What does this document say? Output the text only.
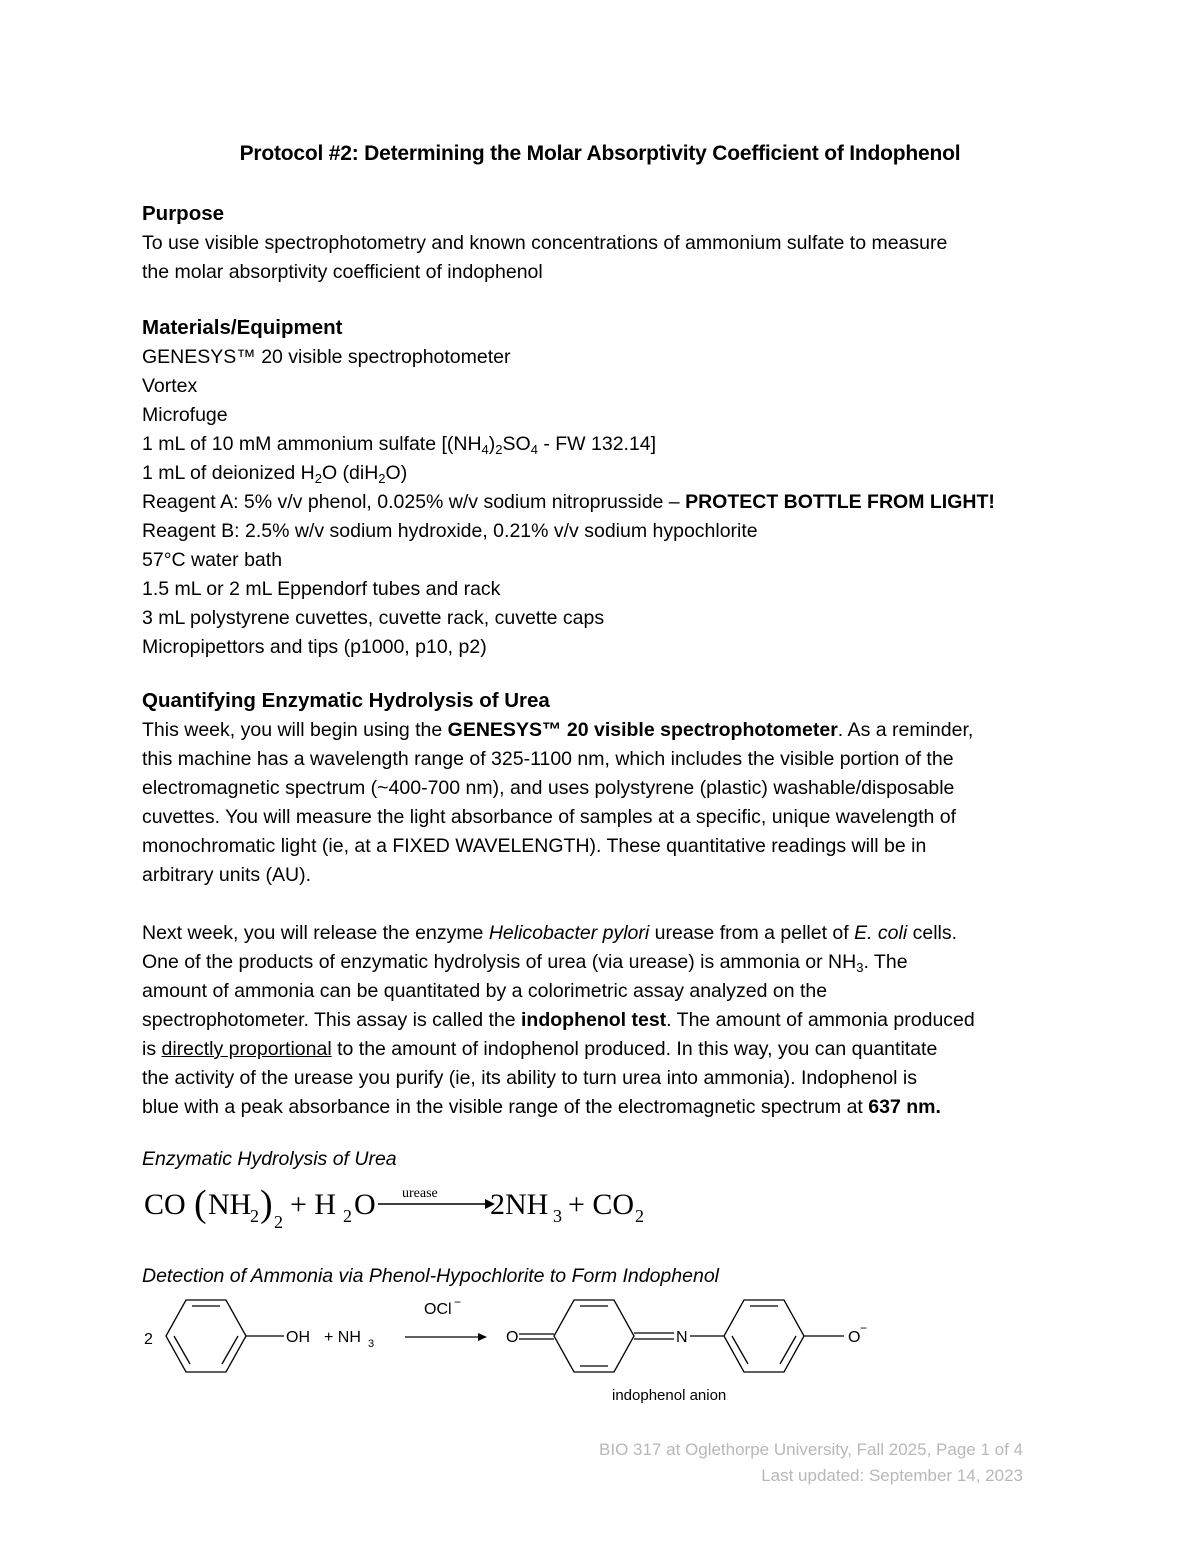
Protocol #2: Determining the Molar Absorptivity Coefficient of Indophenol
Purpose
To use visible spectrophotometry and known concentrations of ammonium sulfate to measure
the molar absorptivity coefficient of indophenol
Materials/Equipment
GENESYS™ 20 visible spectrophotometer
Vortex
Microfuge
1 mL of 10 mM ammonium sulfate [$(NH_4)_2SO_4$ - FW 132.14]
1 mL of deionized $H_2O$ (diH$_2$O)
Reagent A: 5% v/v phenol, 0.025% w/v sodium nitroprusside – PROTECT BOTTLE FROM LIGHT!
Reagent B: 2.5% w/v sodium hydroxide, 0.21% v/v sodium hypochlorite
57°C water bath
1.5 mL or 2 mL Eppendorf tubes and rack
3 mL polystyrene cuvettes, cuvette rack, cuvette caps
Micropipettors and tips (p1000, p10, p2)
Quantifying Enzymatic Hydrolysis of Urea
This week, you will begin using the GENESYS™ 20 visible spectrophotometer. As a reminder,
this machine has a wavelength range of 325-1100 nm, which includes the visible portion of the
electromagnetic spectrum (~400-700 nm), and uses polystyrene (plastic) washable/disposable
cuvettes. You will measure the light absorbance of samples at a specific, unique wavelength of
monochromatic light (ie, at a FIXED WAVELENGTH). These quantitative readings will be in
arbitrary units (AU).
Next week, you will release the enzyme Helicobacter pylori urease from a pellet of E. coli cells.
One of the products of enzymatic hydrolysis of urea (via urease) is ammonia or $NH_3$. The
amount of ammonia can be quantitated by a colorimetric assay analyzed on the
spectrophotometer. This assay is called the indophenol test. The amount of ammonia produced
is directly proportional to the amount of indophenol produced. In this way, you can quantitate
the activity of the urease you purify (ie, its ability to turn urea into ammonia). Indophenol is
blue with a peak absorbance in the visible range of the electromagnetic spectrum at 637 nm.
Enzymatic Hydrolysis of Urea
CO ( NH
2 ) 2
+ H 2 O urease 2NH 3 + CO 2
Detection of Ammonia via Phenol-Hypochlorite to Form Indophenol
2	OH + NH 3
OCl −
O	N	O
−
indophenol anion
BIO 317 at Oglethorpe University, Fall 2025, Page 1 of 4
Last updated: September 14, 2023
